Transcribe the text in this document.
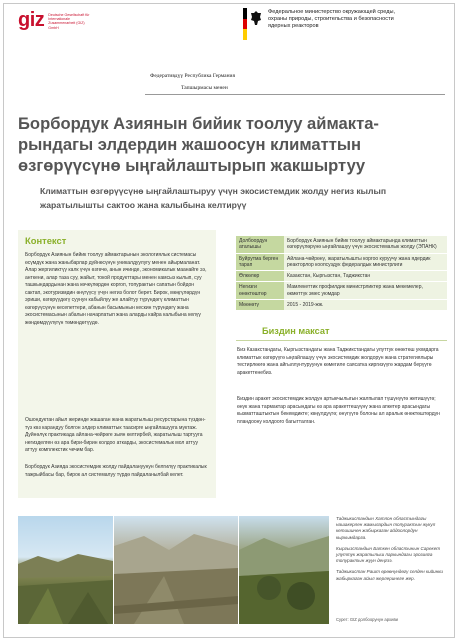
giz Deutsche Gesellschaft für Internationale Zusammenarbeit (GIZ) GmbH
Федеральное министерство окружающей среды, охраны природы, строительства и безопасности ядерных реакторов
Федеративдүү Республика Германия
Тапшырмасы менен
Борбордук Азиянын бийик тоолуу аймакта-рындагы элдердин жашоосун климаттын өзгөрүүсүнө ыңгайлаштырып жакшыртуу
Климаттын өзгөрүүсүнө ыңгайлаштыруу үчүн экосистемдик жолду негиз кылып жаратылышты сактоо жана калыбына келтирүү
Контекст

Борбордук Азиянын бийик тоолуу аймактарынын экологиялык системасы өсүмдүк жана жаныбарлар дүйнөсүнүн уникалдуулугу менен айырмаланат. Алар жергиликтүү калк үчүн өзгөчө, анын ичинде, экономикалык маанайге ээ, анткени, алар таза суу, жайыт, токой продукттары менен камсыз кылып, суу ташкындардынан жана көчкүлөрдөн коргоп, топурактын сапатын бойдон сактап, экотуризмдин өнүгүүсү үчүн негиз болот берет. Бирок, мөңгүлөрдүн эриши, өзгөрүүдөгү суунун кабыйлуу же алайтуу түрүндөгү климаттын өзгөрүүсүнүн кесепеттери, абанын басымынын кескин түрүндөгү жана экосистемасынын абалын начарлатып жана аларды кайра калыбына келүү жөндөмдүүлүгүн төмөндөтүүдө.

Ошондуктан айыл жеринде жашаган жана жаратылыш ресурстарына түздөн-түз көз карандуу болгон элдер климаттык таасирге ыңгайлашууга муктаж. Дүйнөлүк практикада айлана-чөйрөге зыян келтирбей, жаратылыш тартууга негизделген өз ара бири-бирин колдоо аткарды, экосистемалык мол аттуу аттуу комплекстик чечим бар.

Борбордук Азияда экосистемдик жолду пайдалануунун белгилүү практикалык тажрыйбасы бар, бирок ал системалуу түрдө пайдаланылбай келет.

Долбоордун аталышы	Борбордук Азиянын бийик тоолуу аймактарында климаттын өзгөрүүлөрүнө ыңгайлашуу үчүн экосистемалык жолду (ЭПАНК)
Буйрутма берген тарап	Айлана-чөйрөнү, жаратылышты коргоо куруучу жана ядердик реакторлор коопсуздук федералдык министрлиги
Өлкөлөр	Казакстан, Кыргызстан, Таджикстан
Негизги өнөктөштөр	Мамлекеттик профилдик министрликтер жана мекемелер, өкмөттүк эмес уюмдар
Мөөнөтү	2015 - 2019-жж.
Биздин максат

Биз Казакстандагы, Кыргызстандагы жана Таджикстандагы улуттук өнөктөш уюмдарга климаттык өзгөрүүгө ыңгайлашуу үчүн экосистемдик жолдорун жана стратегиялыры тестирлөөгө жана айгыллунтуруунун көмегиле саясатка киргизүүгө жардам берүүгө аракеттенебиз.

Биздин аракет экосистемдик жолдун артыкчылыгын жалпылап түшүнүүгө жетишүүгө; өнүк жана тармактар арасындагы өз ара аракеттешүүнү жана апкетер арасындагы кызматташтыктын бекемдикте; көңүлдүүгө; өнүгүүгө болоны ал аралык өнөктөштөрдүн пландоону колдоого багытталган.

Таджикистандын Хатлон областындагы нашакерлен жамылардын топурактын жукуп кетишинен жабыркаган айдоолордун кыркымдарга.

Кыргызстандын Баткен областынын Сарекет улуттук жаратылыш паркындагы эрозияга топурактын жуун деңгээ.

Таджикистан Рашт өрөөнүндөгү селден кийинки жабыркаган айыл жерлеринеге жер.

Сурет: GIZ долбоорунун архиви
